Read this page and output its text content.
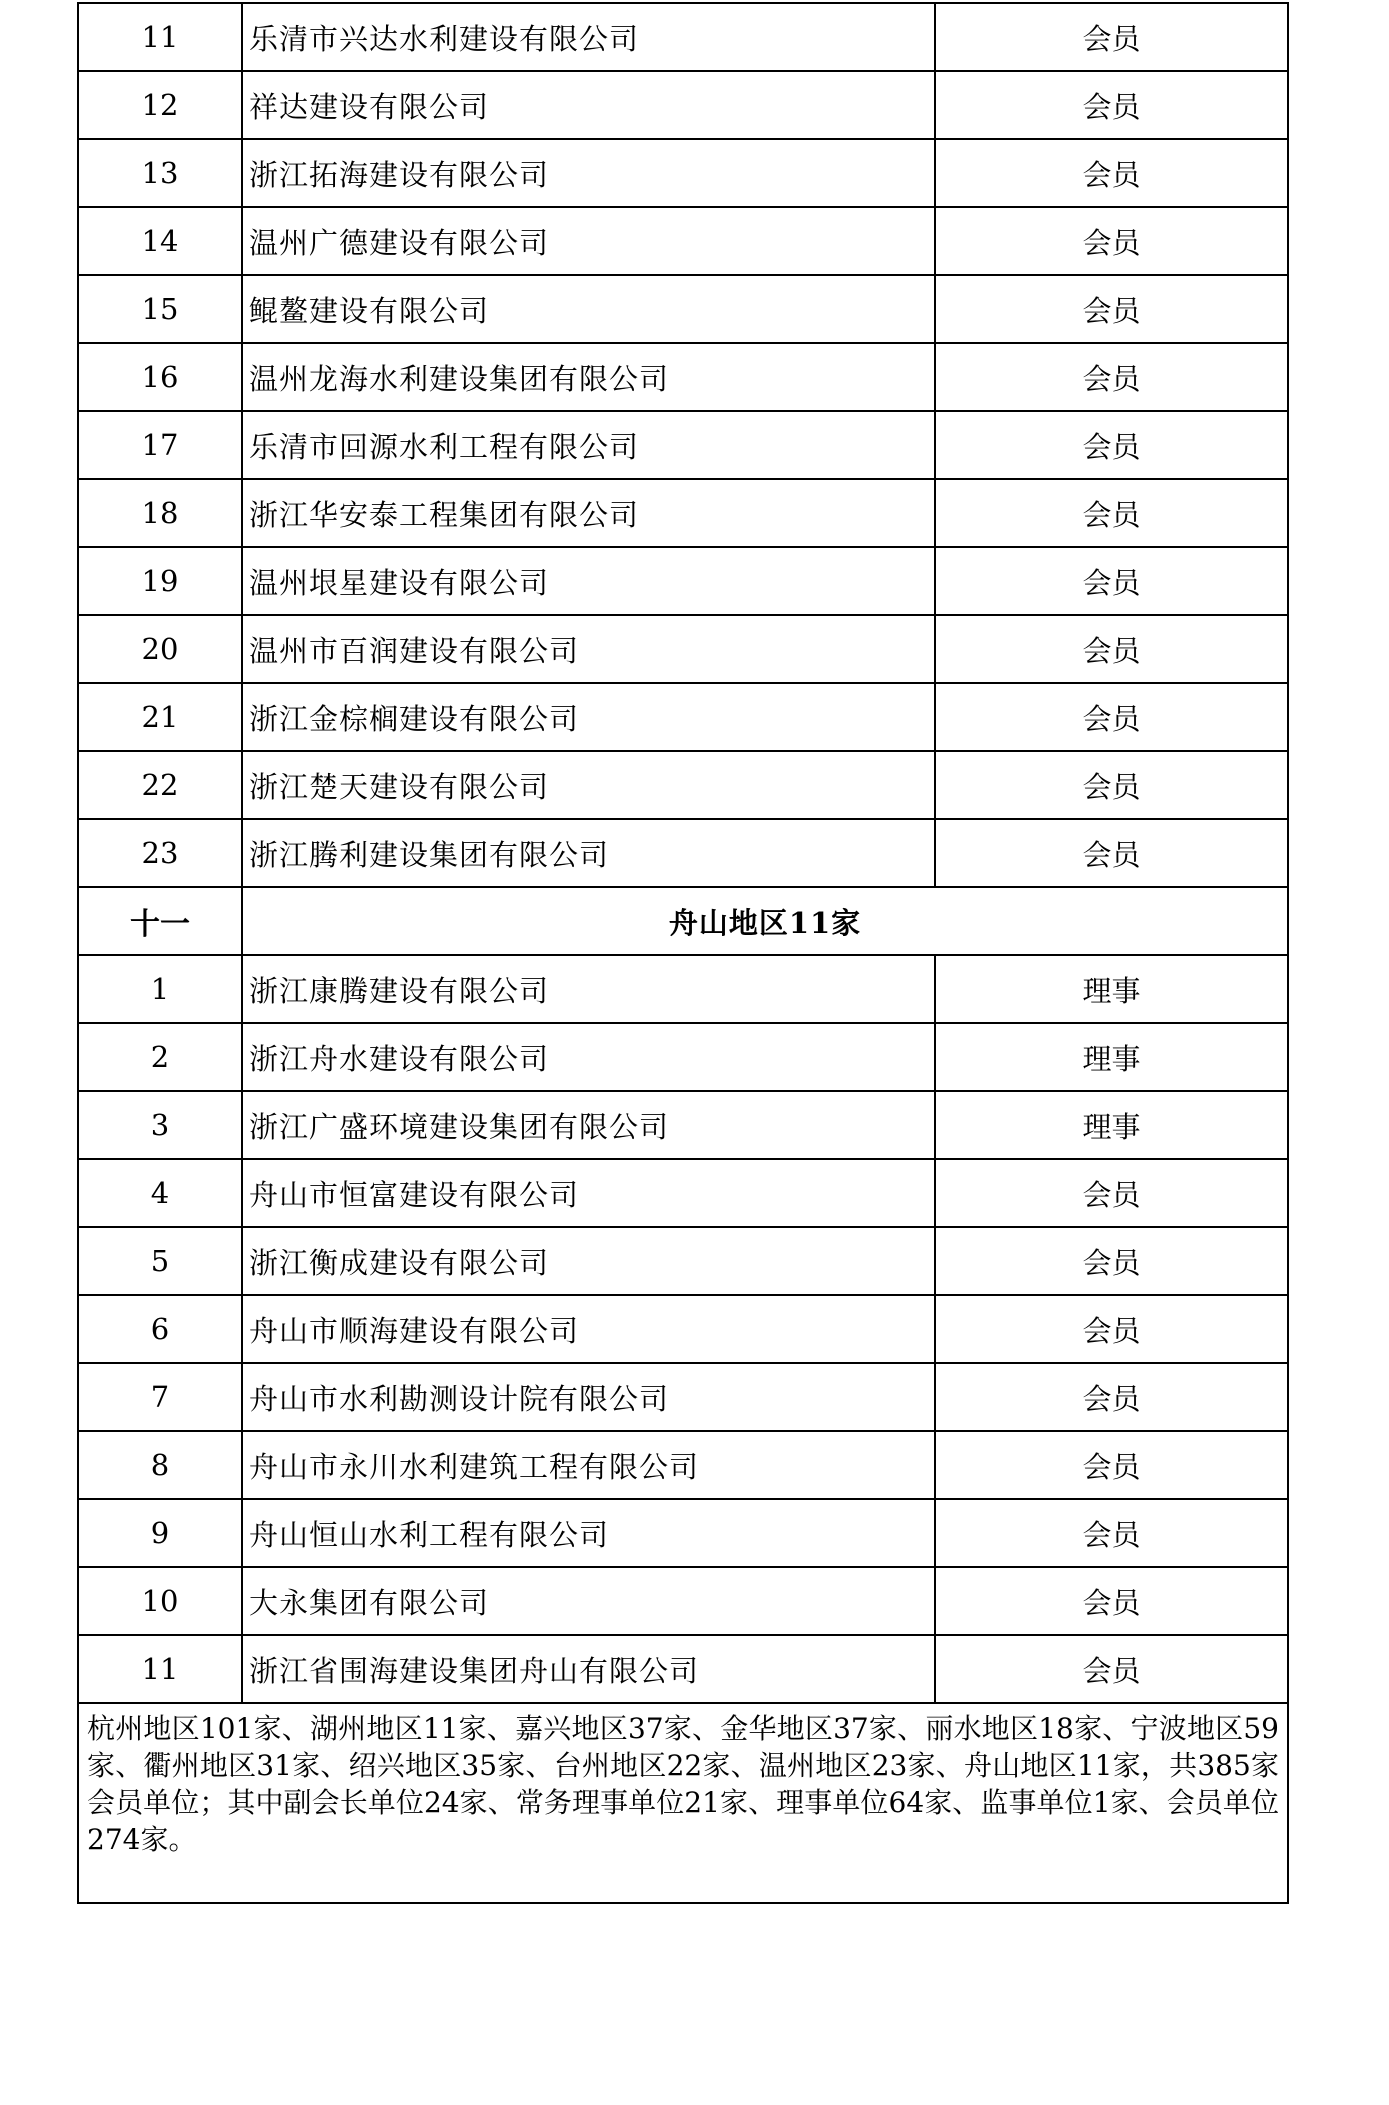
11	乐清市兴达水利建设有限公司	会员
12	祥达建设有限公司	会员
13	浙江拓海建设有限公司	会员
14	温州广德建设有限公司	会员
15	鲲鳌建设有限公司	会员
16	温州龙海水利建设集团有限公司	会员
17	乐清市回源水利工程有限公司	会员
18	浙江华安泰工程集团有限公司	会员
19	温州垠星建设有限公司	会员
20	温州市百润建设有限公司	会员
21	浙江金棕榈建设有限公司	会员
22	浙江楚天建设有限公司	会员
23	浙江腾利建设集团有限公司	会员
十一	舟山地区11家	
1	浙江康腾建设有限公司	理事
2	浙江舟水建设有限公司	理事
3	浙江广盛环境建设集团有限公司	理事
4	舟山市恒富建设有限公司	会员
5	浙江衡成建设有限公司	会员
6	舟山市顺海建设有限公司	会员
7	舟山市水利勘测设计院有限公司	会员
8	舟山市永川水利建筑工程有限公司	会员
9	舟山恒山水利工程有限公司	会员
10	大永集团有限公司	会员
11	浙江省围海建设集团舟山有限公司	会员
杭州地区101家、湖州地区11家、嘉兴地区37家、金华地区37家、丽水地区18家、宁波地区59家、衢州地区31家、绍兴地区35家、台州地区22家、温州地区23家、舟山地区11家，共385家会员单位；其中副会长单位24家、常务理事单位21家、理事单位64家、监事单位1家、会员单位274家。		
